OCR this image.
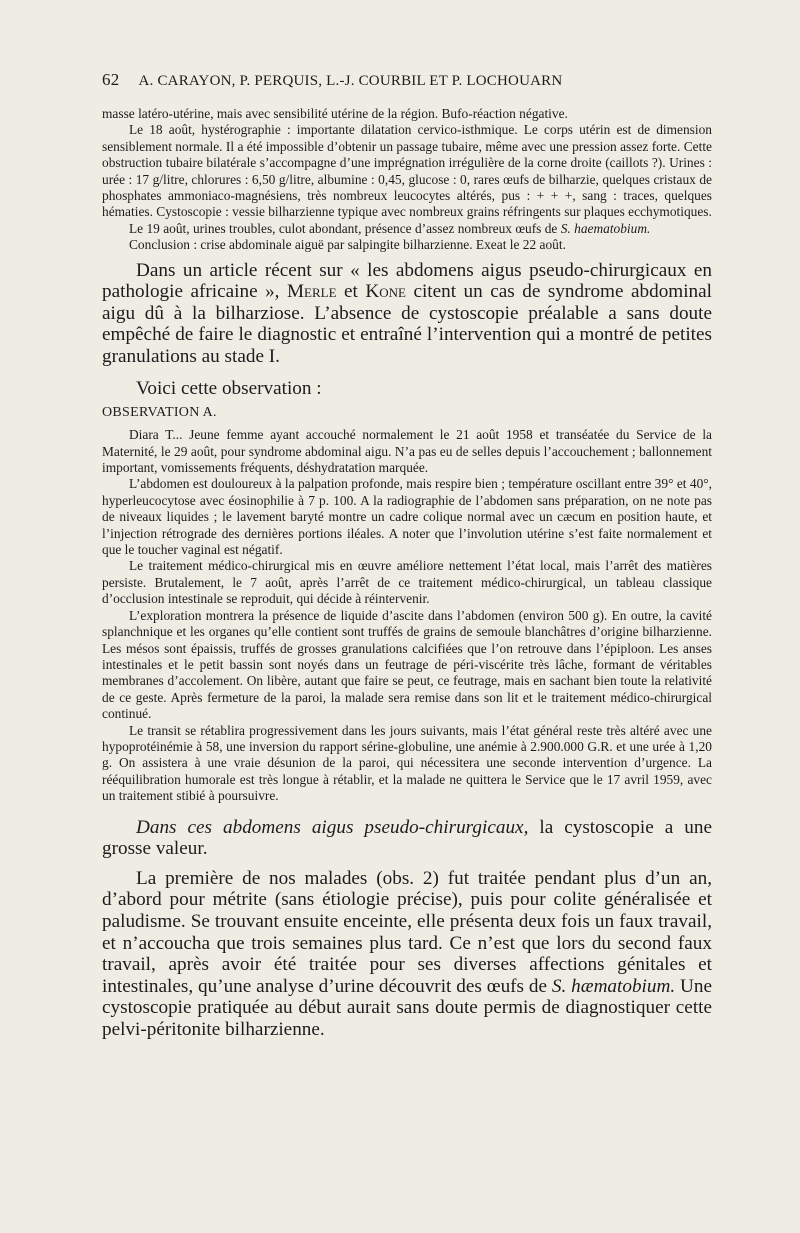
62 A. CARAYON, P. PERQUIS, L.-J. COURBIL ET P. LOCHOUARN

masse latéro-utérine, mais avec sensibilité utérine de la région. Bufo-réaction négative.

Le 18 août, hystérographie : importante dilatation cervico-isthmique. Le corps utérin est de dimension sensiblement normale. Il a été impossible d’obtenir un passage tubaire, même avec une pression assez forte. Cette obstruction tubaire bilatérale s’accompagne d’une imprégnation irrégulière de la corne droite (caillots ?). Urines : urée : 17 g/litre, chlorures : 6,50 g/litre, albumine : 0,45, glucose : 0, rares œufs de bilharzie, quelques cristaux de phosphates ammoniaco-magnésiens, très nombreux leucocytes altérés, pus : + + +, sang : traces, quelques hématies. Cystoscopie : vessie bilharzienne typique avec nombreux grains réfringents sur plaques ecchymotiques.

Le 19 août, urines troubles, culot abondant, présence d’assez nombreux œufs de S. haematobium.

Conclusion : crise abdominale aiguë par salpingite bilharzienne. Exeat le 22 août.

Dans un article récent sur « les abdomens aigus pseudo-chirurgicaux en pathologie africaine », Merle et Kone citent un cas de syndrome abdominal aigu dû à la bilharziose. L’absence de cystoscopie préalable a sans doute empêché de faire le diagnostic et entraîné l’intervention qui a montré de petites granulations au stade I.

Voici cette observation :

OBSERVATION A.

Diara T... Jeune femme ayant accouché normalement le 21 août 1958 et transéatée du Service de la Maternité, le 29 août, pour syndrome abdominal aigu. N’a pas eu de selles depuis l’accouchement ; ballonnement important, vomissements fréquents, déshydratation marquée.

L’abdomen est douloureux à la palpation profonde, mais respire bien ; température oscillant entre 39° et 40°, hyperleucocytose avec éosinophilie à 7 p. 100. A la radiographie de l’abdomen sans préparation, on ne note pas de niveaux liquides ; le lavement baryté montre un cadre colique normal avec un cæcum en position haute, et l’injection rétrograde des dernières portions iléales. A noter que l’involution utérine s’est faite normalement et que le toucher vaginal est négatif.

Le traitement médico-chirurgical mis en œuvre améliore nettement l’état local, mais l’arrêt des matières persiste. Brutalement, le 7 août, après l’arrêt de ce traitement médico-chirurgical, un tableau classique d’occlusion intestinale se reproduit, qui décide à réintervenir.

L’exploration montrera la présence de liquide d’ascite dans l’abdomen (environ 500 g). En outre, la cavité splanchnique et les organes qu’elle contient sont truffés de grains de semoule blanchâtres d’origine bilharzienne. Les mésos sont épaissis, truffés de grosses granulations calcifiées que l’on retrouve dans l’épiploon. Les anses intestinales et le petit bassin sont noyés dans un feutrage de péri-viscérite très lâche, formant de véritables membranes d’accolement. On libère, autant que faire se peut, ce feutrage, mais en sachant bien toute la relativité de ce geste. Après fermeture de la paroi, la malade sera remise dans son lit et le traitement médico-chirurgical continué.

Le transit se rétablira progressivement dans les jours suivants, mais l’état général reste très altéré avec une hypoprotéinémie à 58, une inversion du rapport sérine-globuline, une anémie à 2.900.000 G.R. et une urée à 1,20 g. On assistera à une vraie désunion de la paroi, qui nécessitera une seconde intervention d’urgence. La rééquilibration humorale est très longue à rétablir, et la malade ne quittera le Service que le 17 avril 1959, avec un traitement stibié à poursuivre.

Dans ces abdomens aigus pseudo-chirurgicaux, la cystoscopie a une grosse valeur.

La première de nos malades (obs. 2) fut traitée pendant plus d’un an, d’abord pour métrite (sans étiologie précise), puis pour colite généralisée et paludisme. Se trouvant ensuite enceinte, elle présenta deux fois un faux travail, et n’accoucha que trois semaines plus tard. Ce n’est que lors du second faux travail, après avoir été traitée pour ses diverses affections génitales et intestinales, qu’une analyse d’urine découvrit des œufs de S. hæmatobium. Une cystoscopie pratiquée au début aurait sans doute permis de diagnostiquer cette pelvi-péritonite bilharzienne.
